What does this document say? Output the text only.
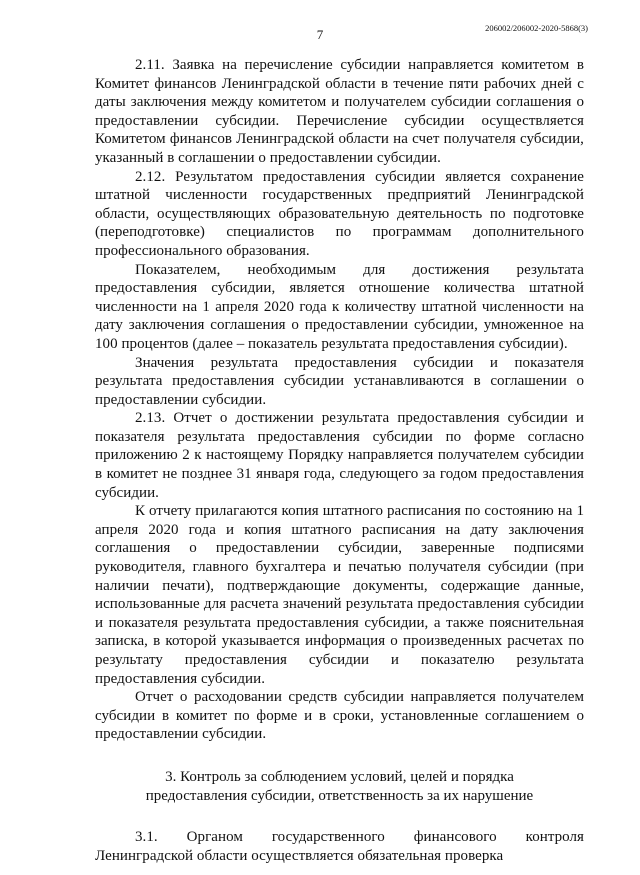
7	206002/206002-2020-5868(3)

2.11. Заявка на перечисление субсидии направляется комитетом в Комитет финансов Ленинградской области в течение пяти рабочих дней с даты заключения между комитетом и получателем субсидии соглашения о предоставлении субсидии. Перечисление субсидии осуществляется Комитетом финансов Ленинградской области на счет получателя субсидии, указанный в соглашении о предоставлении субсидии.

2.12. Результатом предоставления субсидии является сохранение штатной численности государственных предприятий Ленинградской области, осуществляющих образовательную деятельность по подготовке (переподготовке) специалистов по программам дополнительного профессионального образования.

Показателем, необходимым для достижения результата предоставления субсидии, является отношение количества штатной численности на 1 апреля 2020 года к количеству штатной численности на дату заключения соглашения о предоставлении субсидии, умноженное на 100 процентов (далее – показатель результата предоставления субсидии).

Значения результата предоставления субсидии и показателя результата предоставления субсидии устанавливаются в соглашении о предоставлении субсидии.

2.13. Отчет о достижении результата предоставления субсидии и показателя результата предоставления субсидии по форме согласно приложению 2 к настоящему Порядку направляется получателем субсидии в комитет не позднее 31 января года, следующего за годом предоставления субсидии.

К отчету прилагаются копия штатного расписания по состоянию на 1 апреля 2020 года и копия штатного расписания на дату заключения соглашения о предоставлении субсидии, заверенные подписями руководителя, главного бухгалтера и печатью получателя субсидии (при наличии печати), подтверждающие документы, содержащие данные, использованные для расчета значений результата предоставления субсидии и показателя результата предоставления субсидии, а также пояснительная записка, в которой указывается информация о произведенных расчетах по результату предоставления субсидии и показателю результата предоставления субсидии.

Отчет о расходовании средств субсидии направляется получателем субсидии в комитет по форме и в сроки, установленные соглашением о предоставлении субсидии.

3. Контроль за соблюдением условий, целей и порядка
предоставления субсидии, ответственность за их нарушение

3.1. Органом государственного финансового контроля Ленинградской области осуществляется обязательная проверка
